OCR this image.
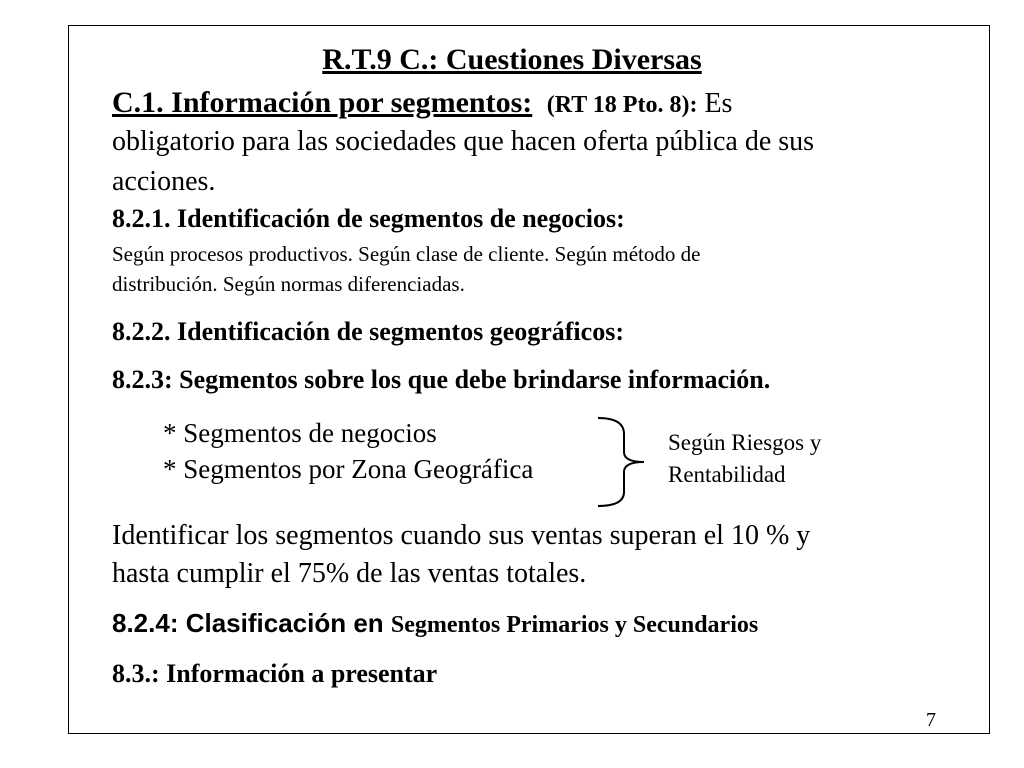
R.T.9 C.: Cuestiones Diversas

C.1. Información por segmentos: (RT 18 Pto. 8): Es

obligatorio para las sociedades que hacen oferta pública de sus

acciones.

8.2.1. Identificación de segmentos de negocios:

Según procesos productivos. Según clase de cliente. Según método de

distribución. Según normas diferenciadas.

8.2.2. Identificación de segmentos geográficos:
8.2.3: Segmentos sobre los que debe brindarse información.

* Segmentos de negocios

* Segmentos por Zona Geográfica

Según Riesgos y

Rentabilidad

Identificar los segmentos cuando sus ventas superan el 10 % y

hasta cumplir el 75% de las ventas totales.

8.2.4: Clasificación en Segmentos Primarios y Secundarios

8.3.: Información a presentar

7
